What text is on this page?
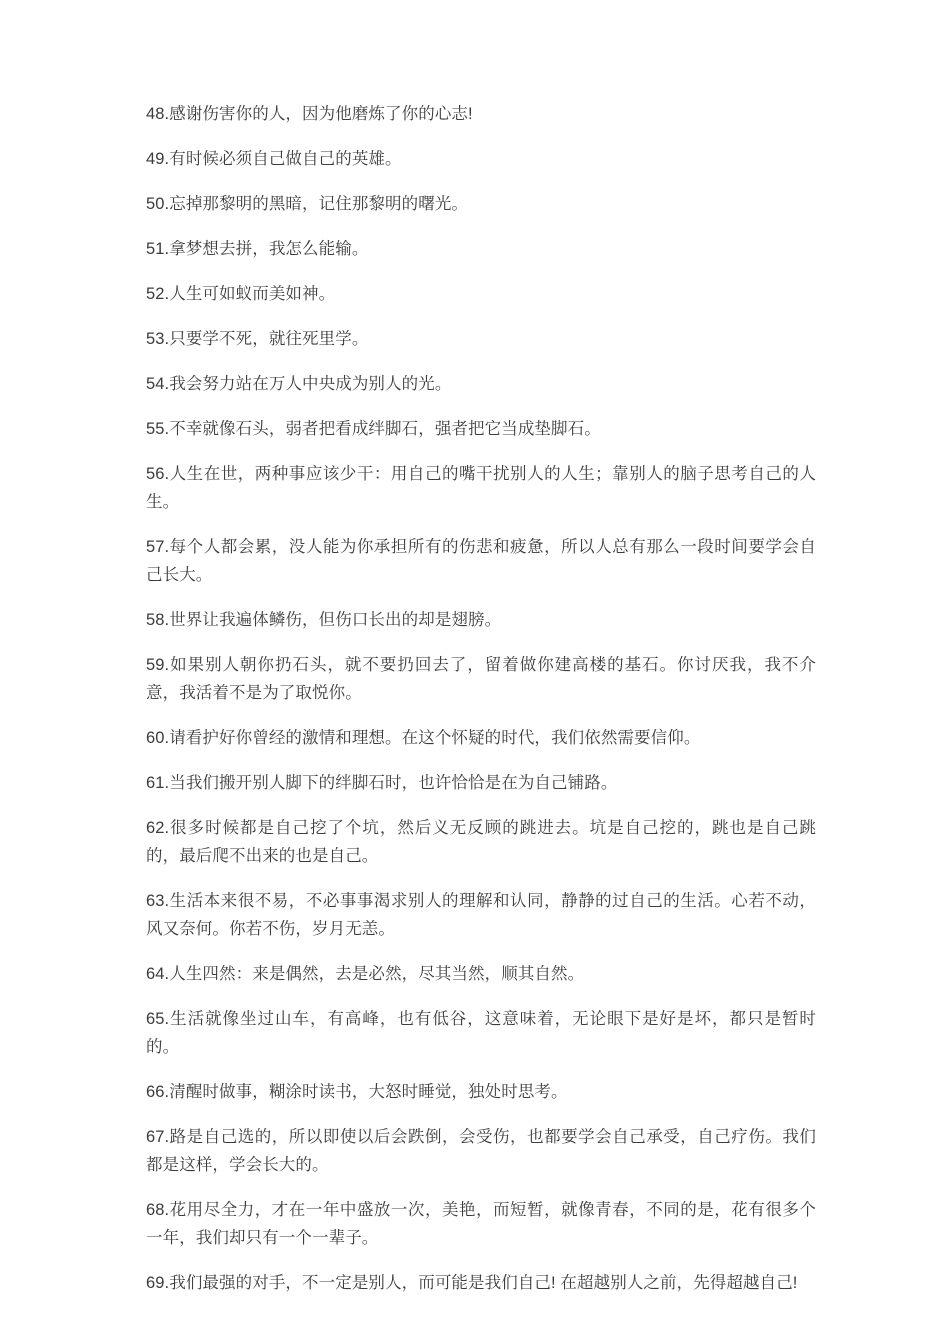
48.感谢伤害你的人，因为他磨炼了你的心志!

49.有时候必须自己做自己的英雄。

50.忘掉那黎明的黑暗，记住那黎明的曙光。

51.拿梦想去拼，我怎么能输。

52.人生可如蚁而美如神。

53.只要学不死，就往死里学。

54.我会努力站在万人中央成为别人的光。

55.不幸就像石头，弱者把看成绊脚石，强者把它当成垫脚石。

56.人生在世，两种事应该少干：用自己的嘴干扰别人的人生；靠别人的脑子思考自己的人生。

57.每个人都会累，没人能为你承担所有的伤悲和疲惫，所以人总有那么一段时间要学会自己长大。

58.世界让我遍体鳞伤，但伤口长出的却是翅膀。

59.如果别人朝你扔石头，就不要扔回去了，留着做你建高楼的基石。你讨厌我，我不介意，我活着不是为了取悦你。

60.请看护好你曾经的激情和理想。在这个怀疑的时代，我们依然需要信仰。

61.当我们搬开别人脚下的绊脚石时，也许恰恰是在为自己铺路。

62.很多时候都是自己挖了个坑，然后义无反顾的跳进去。坑是自己挖的，跳也是自己跳的，最后爬不出来的也是自己。

63.生活本来很不易，不必事事渴求别人的理解和认同，静静的过自己的生活。心若不动，风又奈何。你若不伤，岁月无恙。

64.人生四然：来是偶然，去是必然，尽其当然，顺其自然。

65.生活就像坐过山车，有高峰，也有低谷，这意味着，无论眼下是好是坏，都只是暂时的。

66.清醒时做事，糊涂时读书，大怒时睡觉，独处时思考。

67.路是自己选的，所以即使以后会跌倒，会受伤，也都要学会自己承受，自己疗伤。我们都是这样，学会长大的。

68.花用尽全力，才在一年中盛放一次，美艳，而短暂，就像青春，不同的是，花有很多个一年，我们却只有一个一辈子。

69.我们最强的对手，不一定是别人，而可能是我们自己! 在超越别人之前，先得超越自己!
